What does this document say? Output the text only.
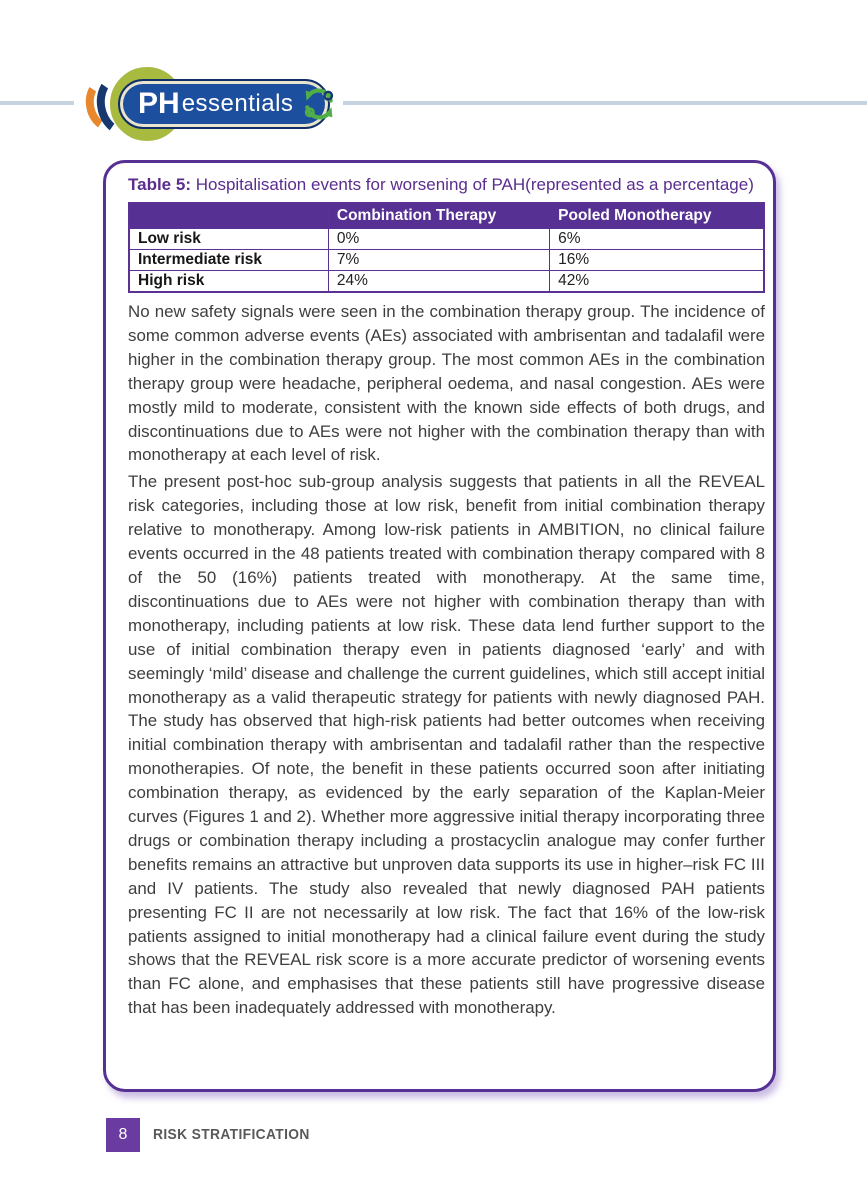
PH essentials
Table 5: Hospitalisation events for worsening of PAH(represented as a percentage)
	Combination Therapy	Pooled Monotherapy
Low risk	0%	6%
Intermediate risk	7%	16%
High risk	24%	42%

No new safety signals were seen in the combination therapy group. The incidence of some common adverse events (AEs) associated with ambrisentan and tadalafil were higher in the combination therapy group. The most common AEs in the combination therapy group were headache, peripheral oedema, and nasal congestion. AEs were mostly mild to moderate, consistent with the known side effects of both drugs, and discontinuations due to AEs were not higher with the combination therapy than with monotherapy at each level of risk.

The present post-hoc sub-group analysis suggests that patients in all the REVEAL risk categories, including those at low risk, benefit from initial combination therapy relative to monotherapy. Among low-risk patients in AMBITION, no clinical failure events occurred in the 48 patients treated with combination therapy compared with 8 of the 50 (16%) patients treated with monotherapy. At the same time, discontinuations due to AEs were not higher with combination therapy than with monotherapy, including patients at low risk. These data lend further support to the use of initial combination therapy even in patients diagnosed ‘early’ and with seemingly ‘mild’ disease and challenge the current guidelines, which still accept initial monotherapy as a valid therapeutic strategy for patients with newly diagnosed PAH. The study has observed that high-risk patients had better outcomes when receiving initial combination therapy with ambrisentan and tadalafil rather than the respective monotherapies. Of note, the benefit in these patients occurred soon after initiating combination therapy, as evidenced by the early separation of the Kaplan-Meier curves (Figures 1 and 2). Whether more aggressive initial therapy incorporating three drugs or combination therapy including a prostacyclin analogue may confer further benefits remains an attractive but unproven data supports its use in higher–risk FC III and IV patients. The study also revealed that newly diagnosed PAH patients presenting FC II are not necessarily at low risk. The fact that 16% of the low-risk patients assigned to initial monotherapy had a clinical failure event during the study shows that the REVEAL risk score is a more accurate predictor of worsening events than FC alone, and emphasises that these patients still have progressive disease that has been inadequately addressed with monotherapy.

8	RISK STRATIFICATION
